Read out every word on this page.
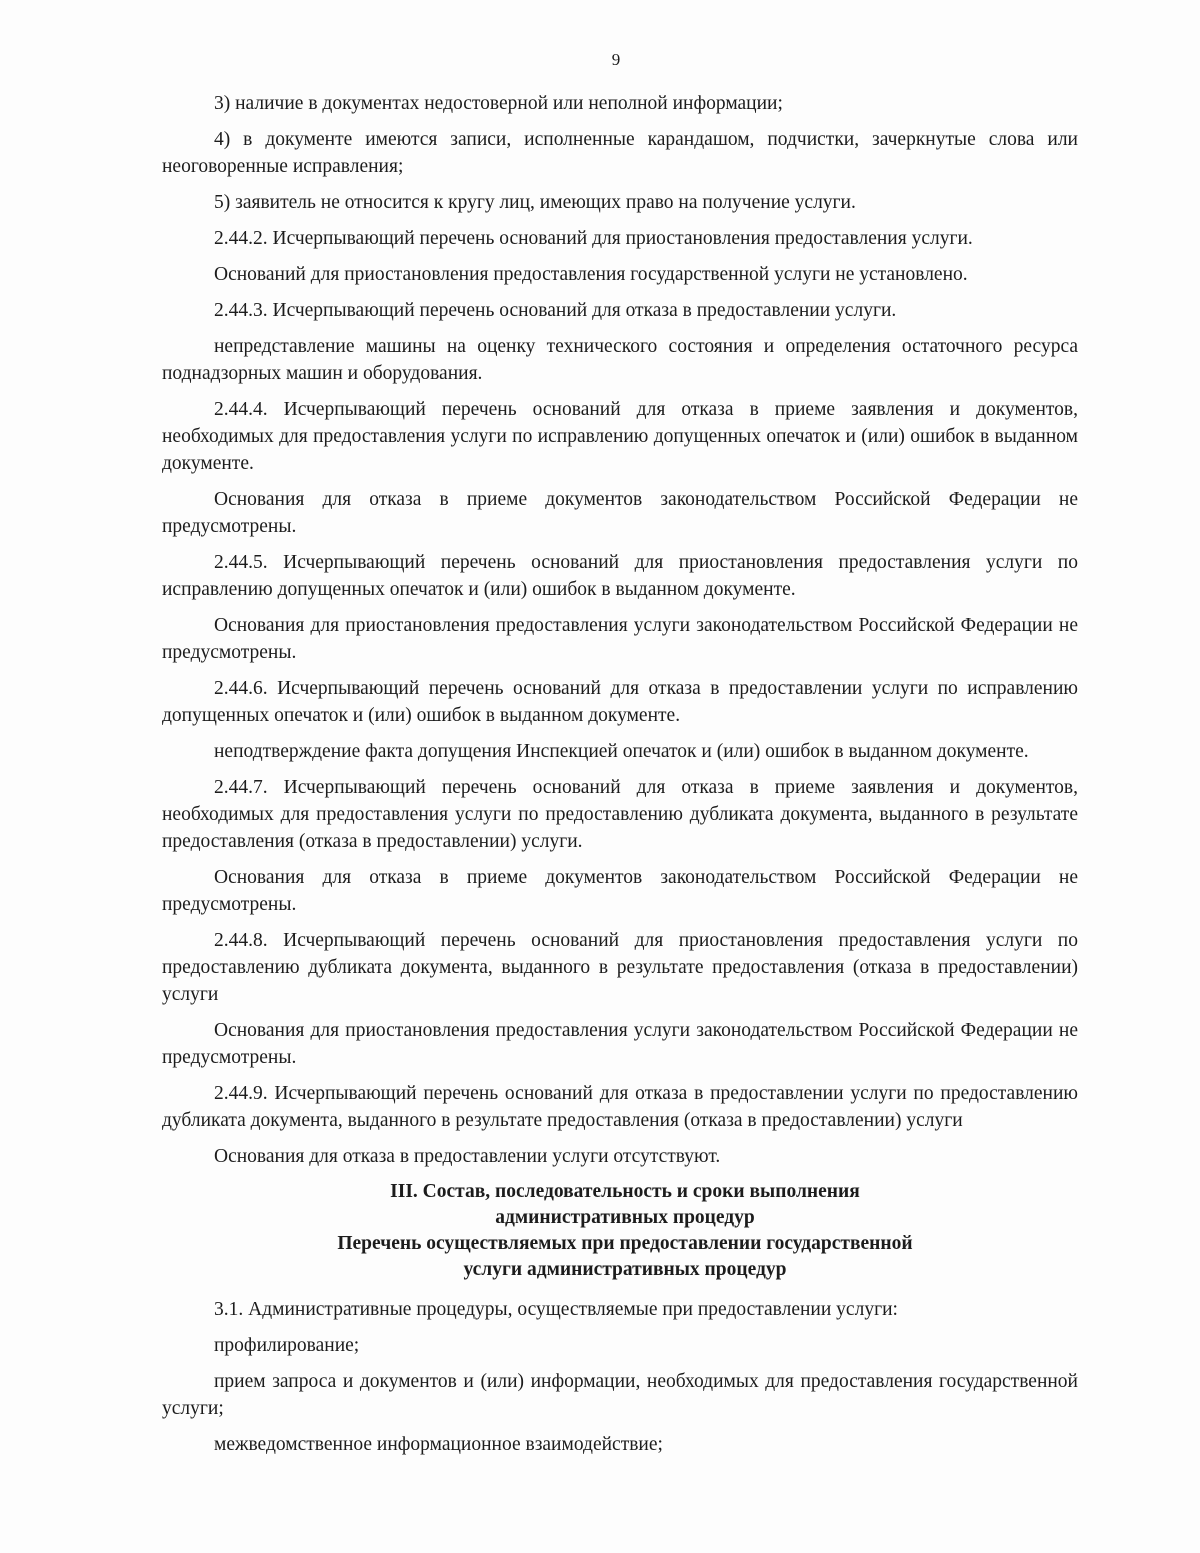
9

3) наличие в документах недостоверной или неполной информации;

4) в документе имеются записи, исполненные карандашом, подчистки, зачеркнутые слова или неоговоренные исправления;

5) заявитель не относится к кругу лиц, имеющих право на получение услуги.

2.44.2. Исчерпывающий перечень оснований для приостановления предоставления услуги.

Оснований для приостановления предоставления государственной услуги не установлено.

2.44.3. Исчерпывающий перечень оснований для отказа в предоставлении услуги.

непредставление машины на оценку технического состояния и определения остаточного ресурса поднадзорных машин и оборудования.

2.44.4. Исчерпывающий перечень оснований для отказа в приеме заявления и документов, необходимых для предоставления услуги по исправлению допущенных опечаток и (или) ошибок в выданном документе.

Основания для отказа в приеме документов законодательством Российской Федерации не предусмотрены.

2.44.5. Исчерпывающий перечень оснований для приостановления предоставления услуги по исправлению допущенных опечаток и (или) ошибок в выданном документе.

Основания для приостановления предоставления услуги законодательством Российской Федерации не предусмотрены.

2.44.6. Исчерпывающий перечень оснований для отказа в предоставлении услуги по исправлению допущенных опечаток и (или) ошибок в выданном документе.

неподтверждение факта допущения Инспекцией опечаток и (или) ошибок в выданном документе.

2.44.7. Исчерпывающий перечень оснований для отказа в приеме заявления и документов, необходимых для предоставления услуги по предоставлению дубликата документа, выданного в результате предоставления (отказа в предоставлении) услуги.

Основания для отказа в приеме документов законодательством Российской Федерации не предусмотрены.

2.44.8. Исчерпывающий перечень оснований для приостановления предоставления услуги по предоставлению дубликата документа, выданного в результате предоставления (отказа в предоставлении) услуги

Основания для приостановления предоставления услуги законодательством Российской Федерации не предусмотрены.

2.44.9. Исчерпывающий перечень оснований для отказа в предоставлении услуги по предоставлению дубликата документа, выданного в результате предоставления (отказа в предоставлении) услуги

Основания для отказа в предоставлении услуги отсутствуют.

III. Состав, последовательность и сроки выполнения
административных процедур
Перечень осуществляемых при предоставлении государственной
услуги административных процедур

3.1. Административные процедуры, осуществляемые при предоставлении услуги:

профилирование;

прием запроса и документов и (или) информации, необходимых для предоставления государственной услуги;

межведомственное информационное взаимодействие;
